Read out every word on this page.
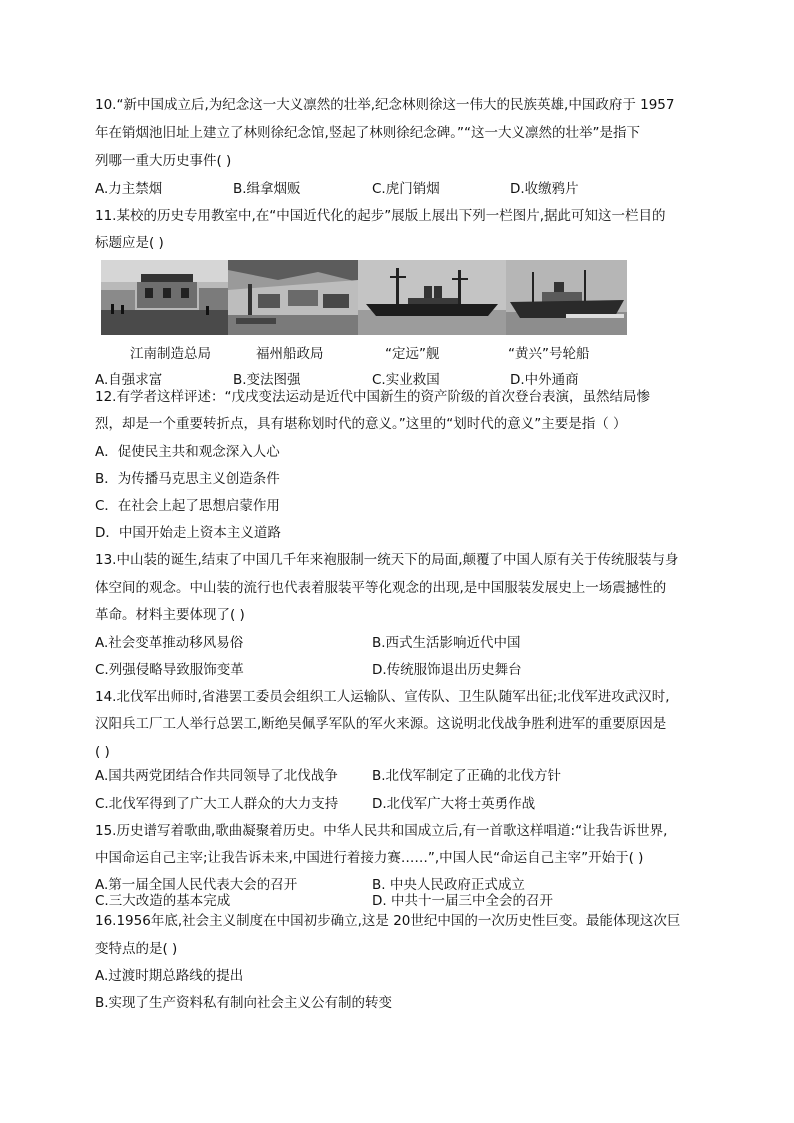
10.“新中国成立后,为纪念这一大义凛然的壮举,纪念林则徐这一伟大的民族英雄,中国政府于 1957
年在销烟池旧址上建立了林则徐纪念馆,竖起了林则徐纪念碑。”“这一大义凛然的壮举”是指下
列哪一重大历史事件( )
A.力主禁烟	B.缉拿烟贩	C.虎门销烟	D.收缴鸦片
11.某校的历史专用教室中,在“中国近代化的起步”展版上展出下列一栏图片,据此可知这一栏目的
标题应是( )
江南制造总局	福州船政局	“定远”舰	“黄兴”号轮船
A.自强求富	B.变法图强	C.实业救国	D.中外通商
12.有学者这样评述：“戊戌变法运动是近代中国新生的资产阶级的首次登台表演，虽然结局惨
烈，却是一个重要转折点，具有堪称划时代的意义。”这里的“划时代的意义”主要是指（ ）
A．促使民主共和观念深入人心
B．为传播马克思主义创造条件
C．在社会上起了思想启蒙作用
D．中国开始走上资本主义道路
13.中山装的诞生,结束了中国几千年来袍服制一统天下的局面,颠覆了中国人原有关于传统服装与身
体空间的观念。中山装的流行也代表着服装平等化观念的出现,是中国服装发展史上一场震撼性的
革命。材料主要体现了( )
A.社会变革推动移风易俗	B.西式生活影响近代中国
C.列强侵略导致服饰变革	D.传统服饰退出历史舞台
14.北伐军出师时,省港罢工委员会组织工人运输队、宣传队、卫生队随军出征;北伐军进攻武汉时,
汉阳兵工厂工人举行总罢工,断绝吴佩孚军队的军火来源。这说明北伐战争胜利进军的重要原因是
( )
A.国共两党团结合作共同领导了北伐战争	B.北伐军制定了正确的北伐方针
C.北伐军得到了广大工人群众的大力支持	D.北伐军广大将士英勇作战
15.历史谱写着歌曲,歌曲凝聚着历史。中华人民共和国成立后,有一首歌这样唱道:“让我告诉世界,
中国命运自己主宰;让我告诉未来,中国进行着接力赛……”,中国人民“命运自己主宰”开始于( )
A.第一届全国人民代表大会的召开	B. 中央人民政府正式成立
C.三大改造的基本完成	D. 中共十一届三中全会的召开
16.1956年底,社会主义制度在中国初步确立,这是 20世纪中国的一次历史性巨变。最能体现这次巨
变特点的是( )
A.过渡时期总路线的提出
B.实现了生产资料私有制向社会主义公有制的转变
